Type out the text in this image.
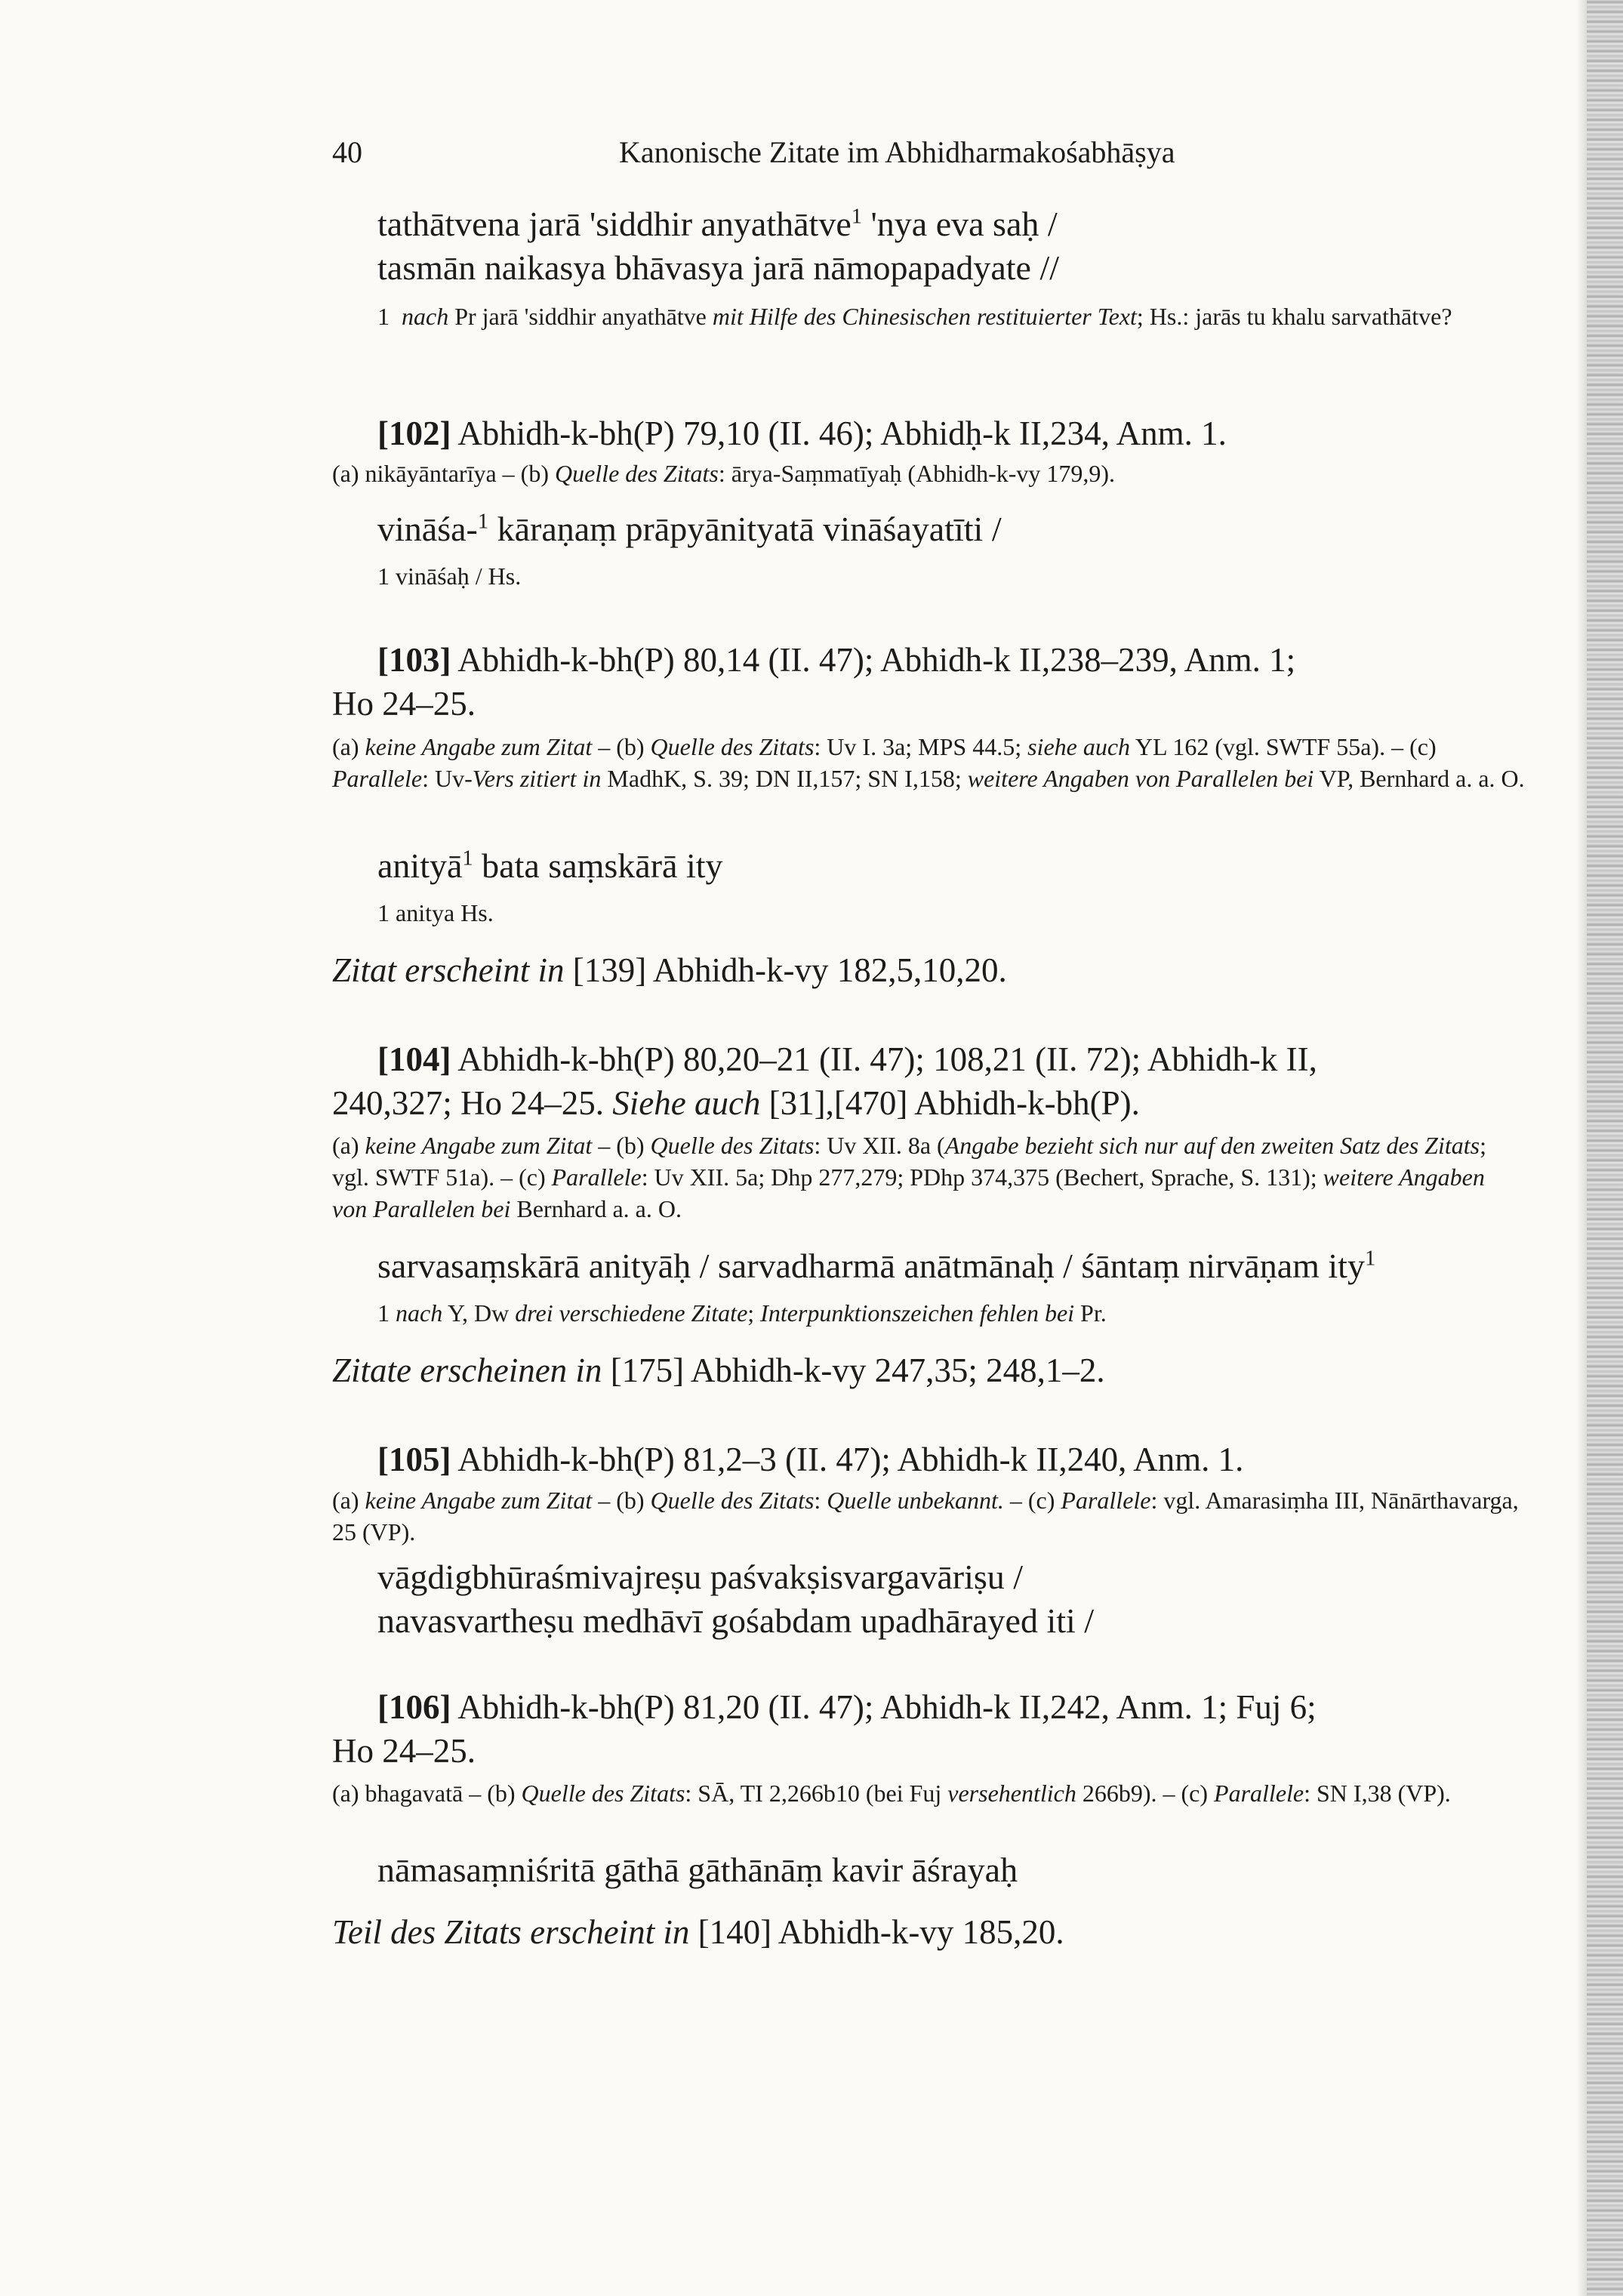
40	Kanonische Zitate im Abhidharmakośabhāṣya
tathātvena jarā 'siddhir anyathātve$^1$ 'nya eva saḥ /
tasmān naikasya bhāvasya jarā nāmopapadyate //
1 nach Pr jarā 'siddhir anyathātve mit Hilfe des Chinesischen restituierter Text; Hs.: jarās tu khalu sarvathātve?
[102] Abhidh-k-bh(P) 79,10 (II. 46); Abhidḥ-k II,234, Anm. 1.
(a) nikāyāntarīya – (b) Quelle des Zitats: ārya-Saṃmatīyaḥ (Abhidh-k-vy 179,9).
vināśa-$^1$ kāraṇaṃ prāpyānityatā vināśayatīti /
1 vināśaḥ / Hs.
[103] Abhidh-k-bh(P) 80,14 (II. 47); Abhidh-k II,238–239, Anm. 1;
Ho 24–25.
(a) keine Angabe zum Zitat – (b) Quelle des Zitats: Uv I. 3a; MPS 44.5; siehe auch YL 162 (vgl. SWTF 55a). – (c) Parallele: Uv-Vers zitiert in MadhK, S. 39; DN II,157; SN I,158; weitere Angaben von Parallelen bei VP, Bernhard a. a. O.
anityā$^1$ bata saṃskārā ity
1 anitya Hs.
Zitat erscheint in [139] Abhidh-k-vy 182,5,10,20.
[104] Abhidh-k-bh(P) 80,20–21 (II. 47); 108,21 (II. 72); Abhidh-k II,
240,327; Ho 24–25. Siehe auch [31],[470] Abhidh-k-bh(P).
(a) keine Angabe zum Zitat – (b) Quelle des Zitats: Uv XII. 8a (Angabe bezieht sich nur auf den zweiten Satz des Zitats; vgl. SWTF 51a). – (c) Parallele: Uv XII. 5a; Dhp 277,279; PDhp 374,375 (Bechert, Sprache, S. 131); weitere Angaben von Parallelen bei Bernhard a. a. O.
sarvasaṃskārā anityāḥ / sarvadharmā anātmānaḥ / śāntaṃ nirvāṇam ity$^1$
1 nach Y, Dw drei verschiedene Zitate; Interpunktionszeichen fehlen bei Pr.
Zitate erscheinen in [175] Abhidh-k-vy 247,35; 248,1–2.
[105] Abhidh-k-bh(P) 81,2–3 (II. 47); Abhidh-k II,240, Anm. 1.
(a) keine Angabe zum Zitat – (b) Quelle des Zitats: Quelle unbekannt. – (c) Parallele: vgl. Amarasiṃha III, Nānārthavarga, 25 (VP).
vāgdigbhūraśmivajreṣu paśvakṣisvargavāriṣu /
navasvartheṣu medhāvī gośabdam upadhārayed iti /
[106] Abhidh-k-bh(P) 81,20 (II. 47); Abhidh-k II,242, Anm. 1; Fuj 6;
Ho 24–25.
(a) bhagavatā – (b) Quelle des Zitats: SĀ, TI 2,266b10 (bei Fuj versehentlich 266b9). – (c) Parallele: SN I,38 (VP).
nāmasaṃniśritā gāthā gāthānāṃ kavir āśrayaḥ
Teil des Zitats erscheint in [140] Abhidh-k-vy 185,20.
